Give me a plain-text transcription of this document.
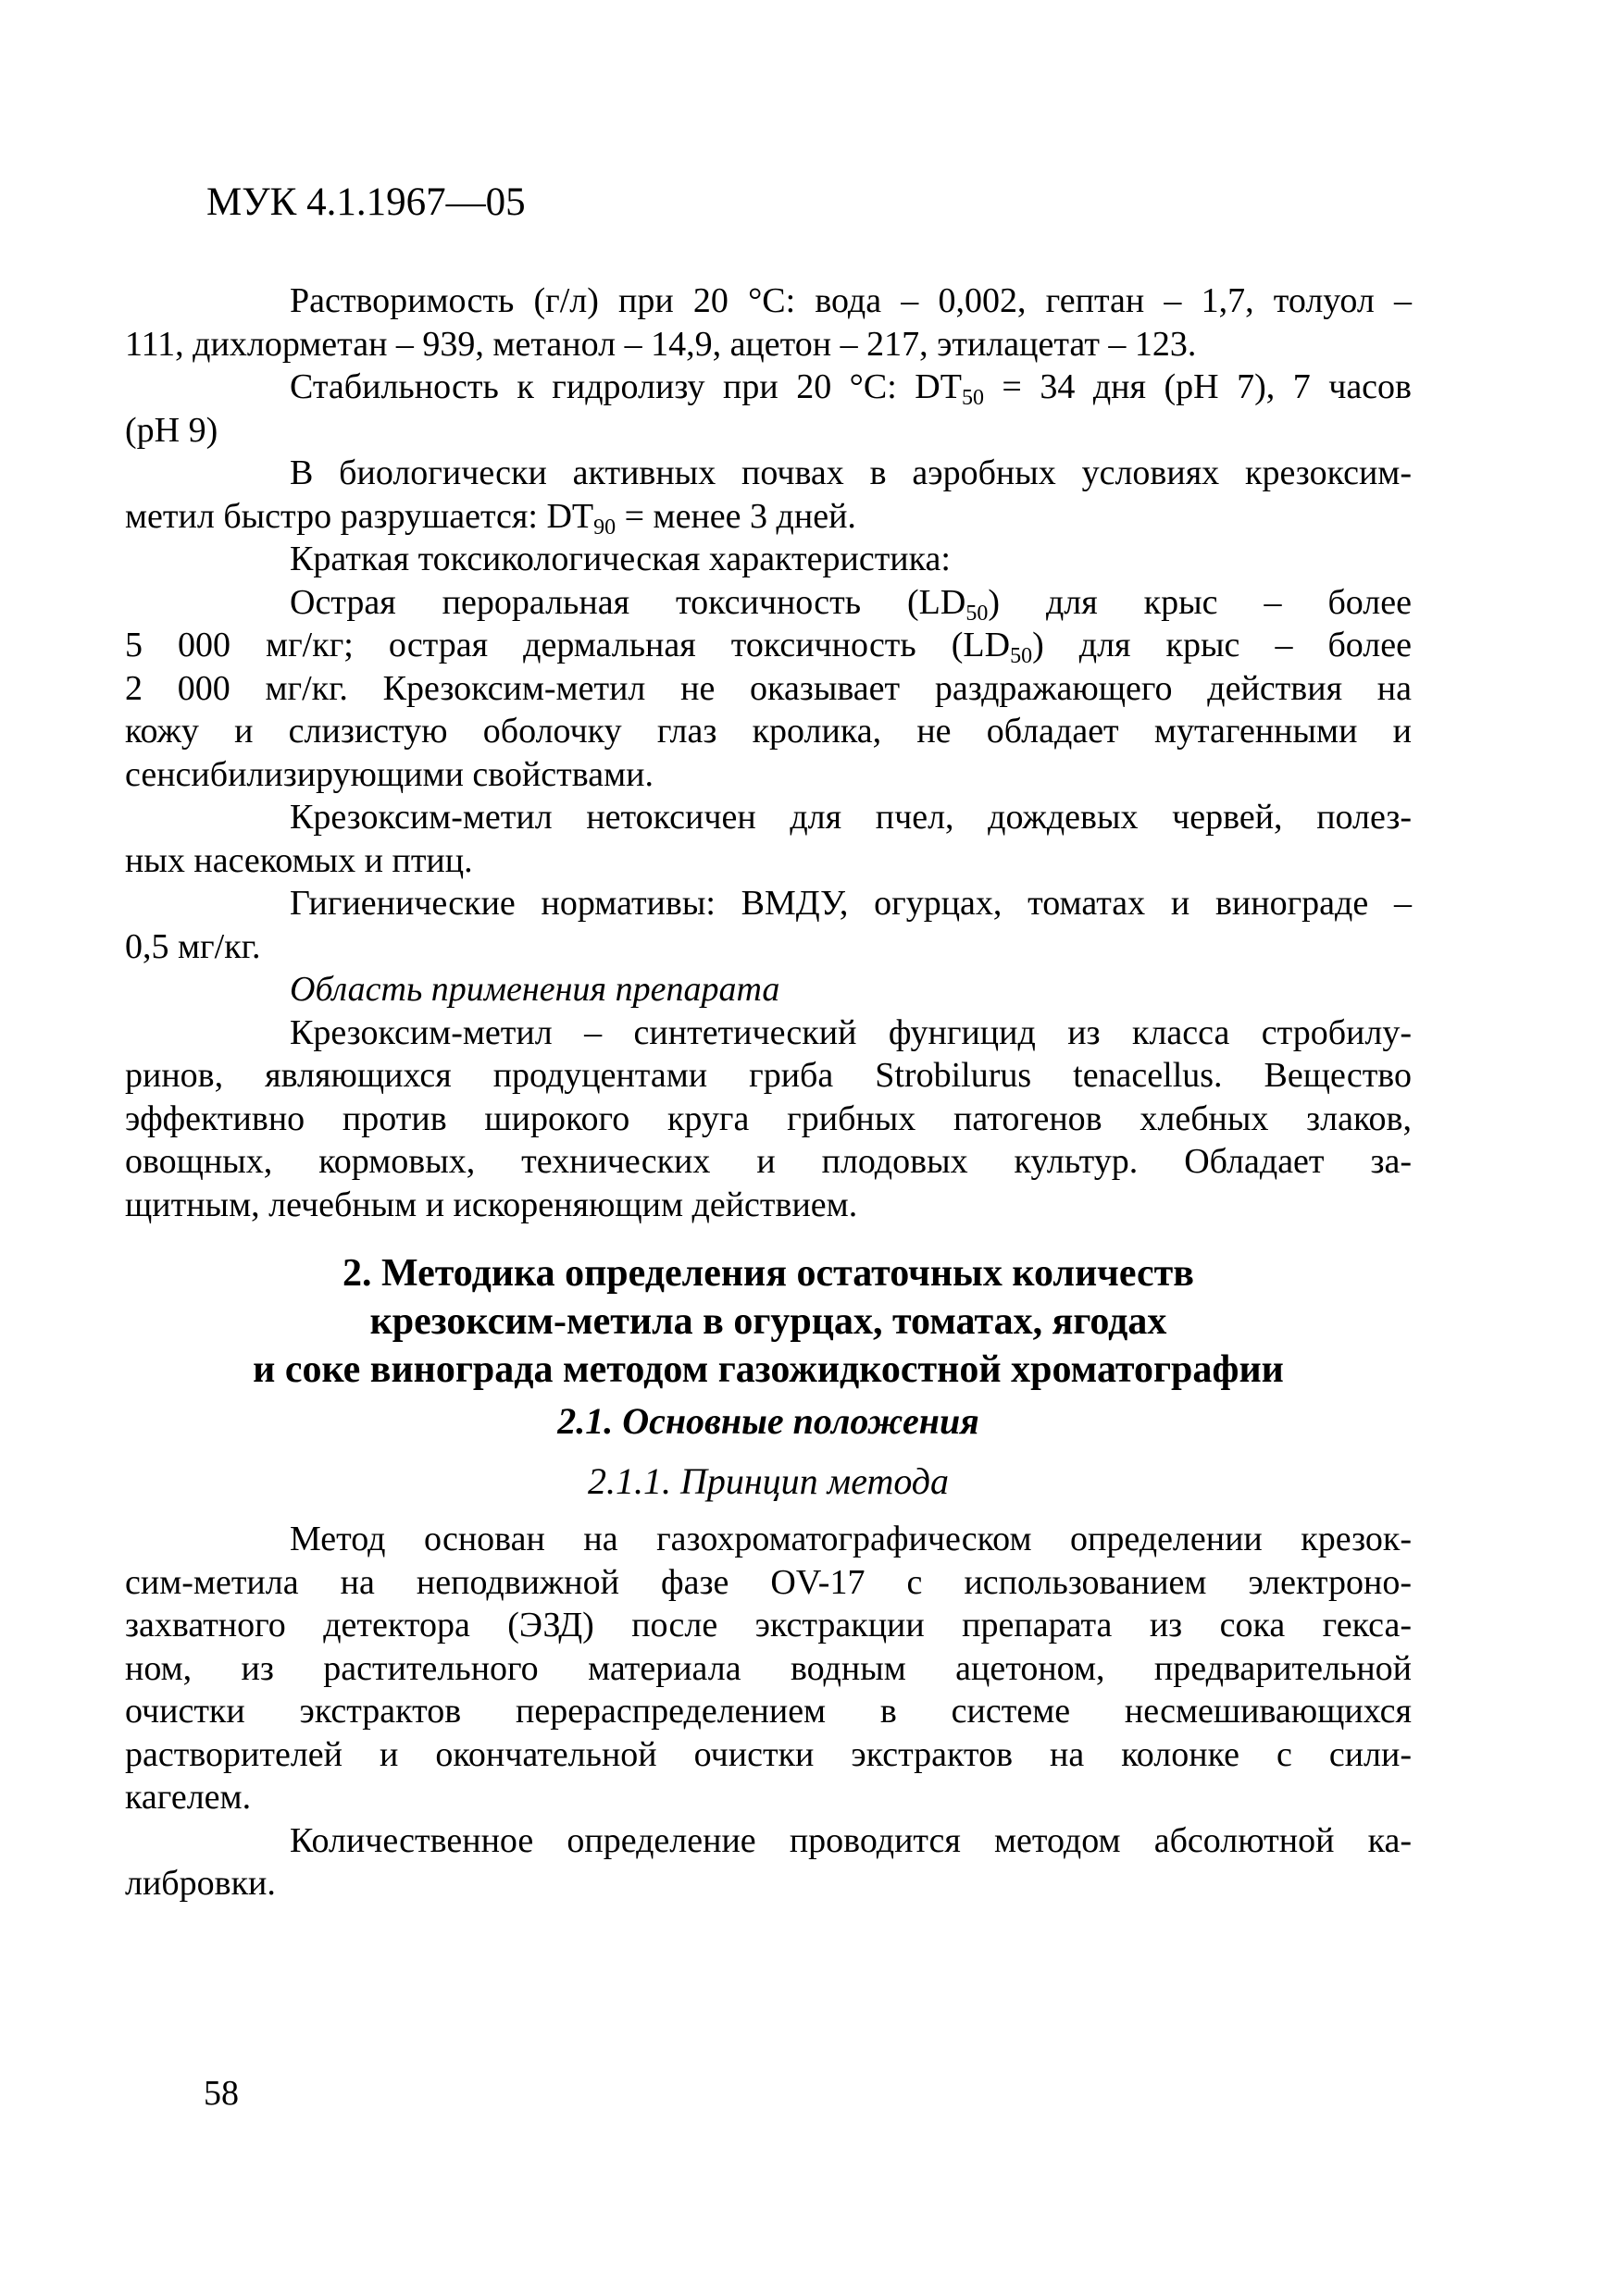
МУК 4.1.1967—05
Растворимость (г/л) при 20 °С: вода – 0,002, гептан – 1,7, толуол –
111, дихлорметан – 939, метанол – 14,9, ацетон – 217, этилацетат – 123.
Стабильность к гидролизу при 20 °С: $DT_{50} = 34$ дня (pH 7), 7 часов
(pH 9)
В биологически активных почвах в аэробных условиях крезоксим-
метил быстро разрушается: $DT_{90}$ = менее 3 дней.
Краткая токсикологическая характеристика:
Острая пероральная токсичность $(LD_{50})$ для крыс – более
5 000 мг/кг; острая дермальная токсичность $(LD_{50})$ для крыс – более
2 000 мг/кг. Крезоксим-метил не оказывает раздражающего действия на
кожу и слизистую оболочку глаз кролика, не обладает мутагенными и
сенсибилизирующими свойствами.
Крезоксим-метил нетоксичен для пчел, дождевых червей, полез-
ных насекомых и птиц.
Гигиенические нормативы: ВМДУ, огурцах, томатах и винограде –
0,5 мг/кг.
Область применения препарата
Крезоксим-метил – синтетический фунгицид из класса стробилу-
ринов, являющихся продуцентами гриба Strobilurus tenacellus. Вещество
эффективно против широкого круга грибных патогенов хлебных злаков,
овощных, кормовых, технических и плодовых культур. Обладает за-
щитным, лечебным и искореняющим действием.
2. Методика определения остаточных количеств
крезоксим-метила в огурцах, томатах, ягодах
и соке винограда методом газожидкостной хроматографии
2.1. Основные положения
2.1.1. Принцип метода
Метод основан на газохроматографическом определении крезок-
сим-метила на неподвижной фазе OV-17 с использованием электроно-
захватного детектора (ЭЗД) после экстракции препарата из сока гекса-
ном, из растительного материала водным ацетоном, предварительной
очистки экстрактов перераспределением в системе несмешивающихся
растворителей и окончательной очистки экстрактов на колонке с сили-
кагелем.
Количественное определение проводится методом абсолютной ка-
либровки.
58
